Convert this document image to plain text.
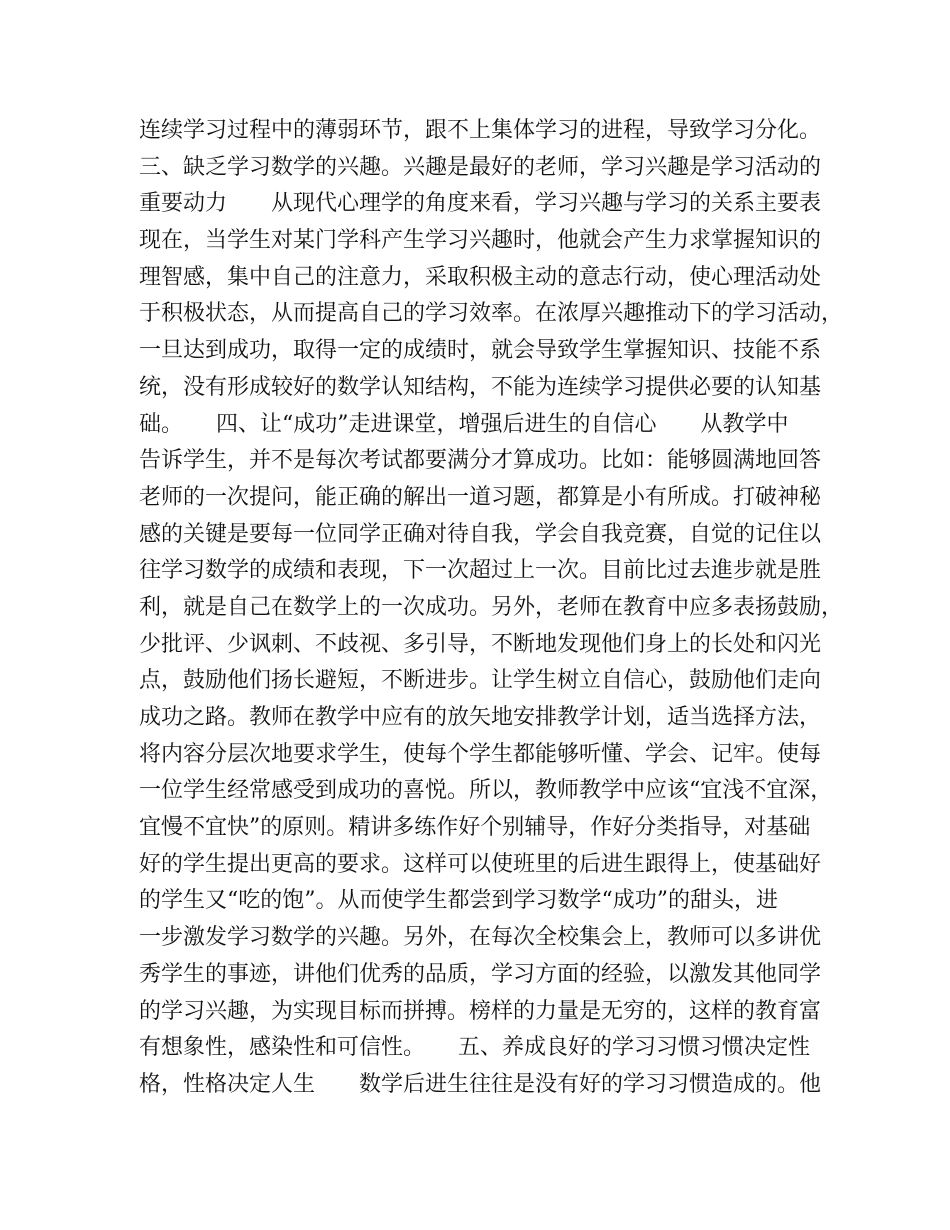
连续学习过程中的薄弱环节，跟不上集体学习的进程，导致学习分化。
三、缺乏学习数学的兴趣。兴趣是最好的老师，学习兴趣是学习活动的
重要动力　　从现代心理学的角度来看，学习兴趣与学习的关系主要表
现在，当学生对某门学科产生学习兴趣时，他就会产生力求掌握知识的
理智感，集中自己的注意力，采取积极主动的意志行动，使心理活动处
于积极状态，从而提高自己的学习效率。在浓厚兴趣推动下的学习活动，
一旦达到成功，取得一定的成绩时，就会导致学生掌握知识、技能不系
统，没有形成较好的数学认知结构，不能为连续学习提供必要的认知基
础。　　四、让“成功”走进课堂，增强后进生的自信心　　从教学中
告诉学生，并不是每次考试都要满分才算成功。比如：能够圆满地回答
老师的一次提问，能正确的解出一道习题，都算是小有所成。打破神秘
感的关键是要每一位同学正确对待自我，学会自我竞赛，自觉的记住以
往学习数学的成绩和表现，下一次超过上一次。目前比过去進步就是胜
利，就是自己在数学上的一次成功。另外，老师在教育中应多表扬鼓励，
少批评、少讽刺、不歧视、多引导，不断地发现他们身上的长处和闪光
点，鼓励他们扬长避短，不断进步。让学生树立自信心，鼓励他们走向
成功之路。教师在教学中应有的放矢地安排教学计划，适当选择方法，
将内容分层次地要求学生，使每个学生都能够听懂、学会、记牢。使每
一位学生经常感受到成功的喜悦。所以，教师教学中应该“宜浅不宜深，
宜慢不宜快”的原则。精讲多练作好个别辅导，作好分类指导，对基础
好的学生提出更高的要求。这样可以使班里的后进生跟得上，使基础好
的学生又“吃的饱”。从而使学生都尝到学习数学“成功”的甜头，进
一步激发学习数学的兴趣。另外，在每次全校集会上，教师可以多讲优
秀学生的事迹，讲他们优秀的品质，学习方面的经验，以激发其他同学
的学习兴趣，为实现目标而拼搏。榜样的力量是无穷的，这样的教育富
有想象性，感染性和可信性。　　五、养成良好的学习习惯习惯决定性
格，性格决定人生　　数学后进生往往是没有好的学习习惯造成的。他
